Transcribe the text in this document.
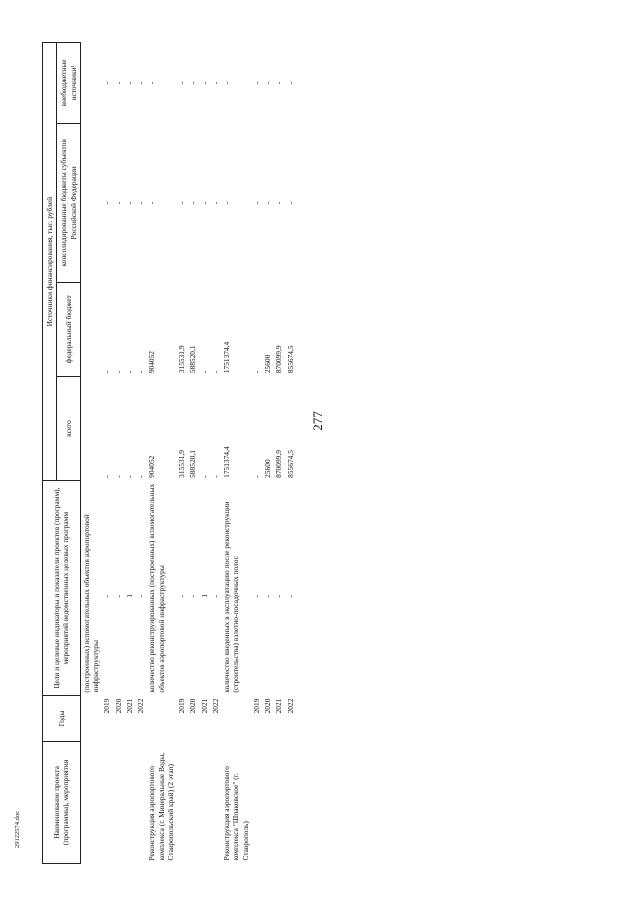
277
29122574.doc	Наименование проекта (программы), мероприятия	Годы	Цели и целевые индикаторы и показатели проектов (программ), мероприятий ведомственных целевых программ	Источники финансирования, тыс. рублей			
			всего	федеральный бюджет	консолидированные бюджеты субъектов Российской Федерации	внебюджетные источники¹
		(построенных) вспомогательных объектов аэропортовой инфраструктуры				
	2019	-	-	-	-	-
	2020	-	-	-	-	-
	2021	1	-	-	-	-
	2022	-	-	-	-	-
Реконструкция аэропортового комплекса (г. Минеральные Воды, Ставропольский край) (2 этап)		количество реконструированных (построенных) вспомогательных объектов аэропортовой инфраструктуры	904052	904052	-	-
	2019	-	315531,9	315531,9	-	-
	2020	-	588520,1	588520,1	-	-
	2021	1	-	-	-	-
	2022	-	-	-	-	-
Реконструкция аэропортового комплекса "Шпаковское" (г. Ставрополь)		количество введенных в эксплуатацию после реконструкции (строительства) взлетно-посадочных полос	1751374,4	1751374,4	-	-
	2019	-	-	-	-	-
	2020	-	25600	25600	-	-
	2021	-	870099,9	870099,9	-	-
	2022	-	855674,5	855674,5	-	-
